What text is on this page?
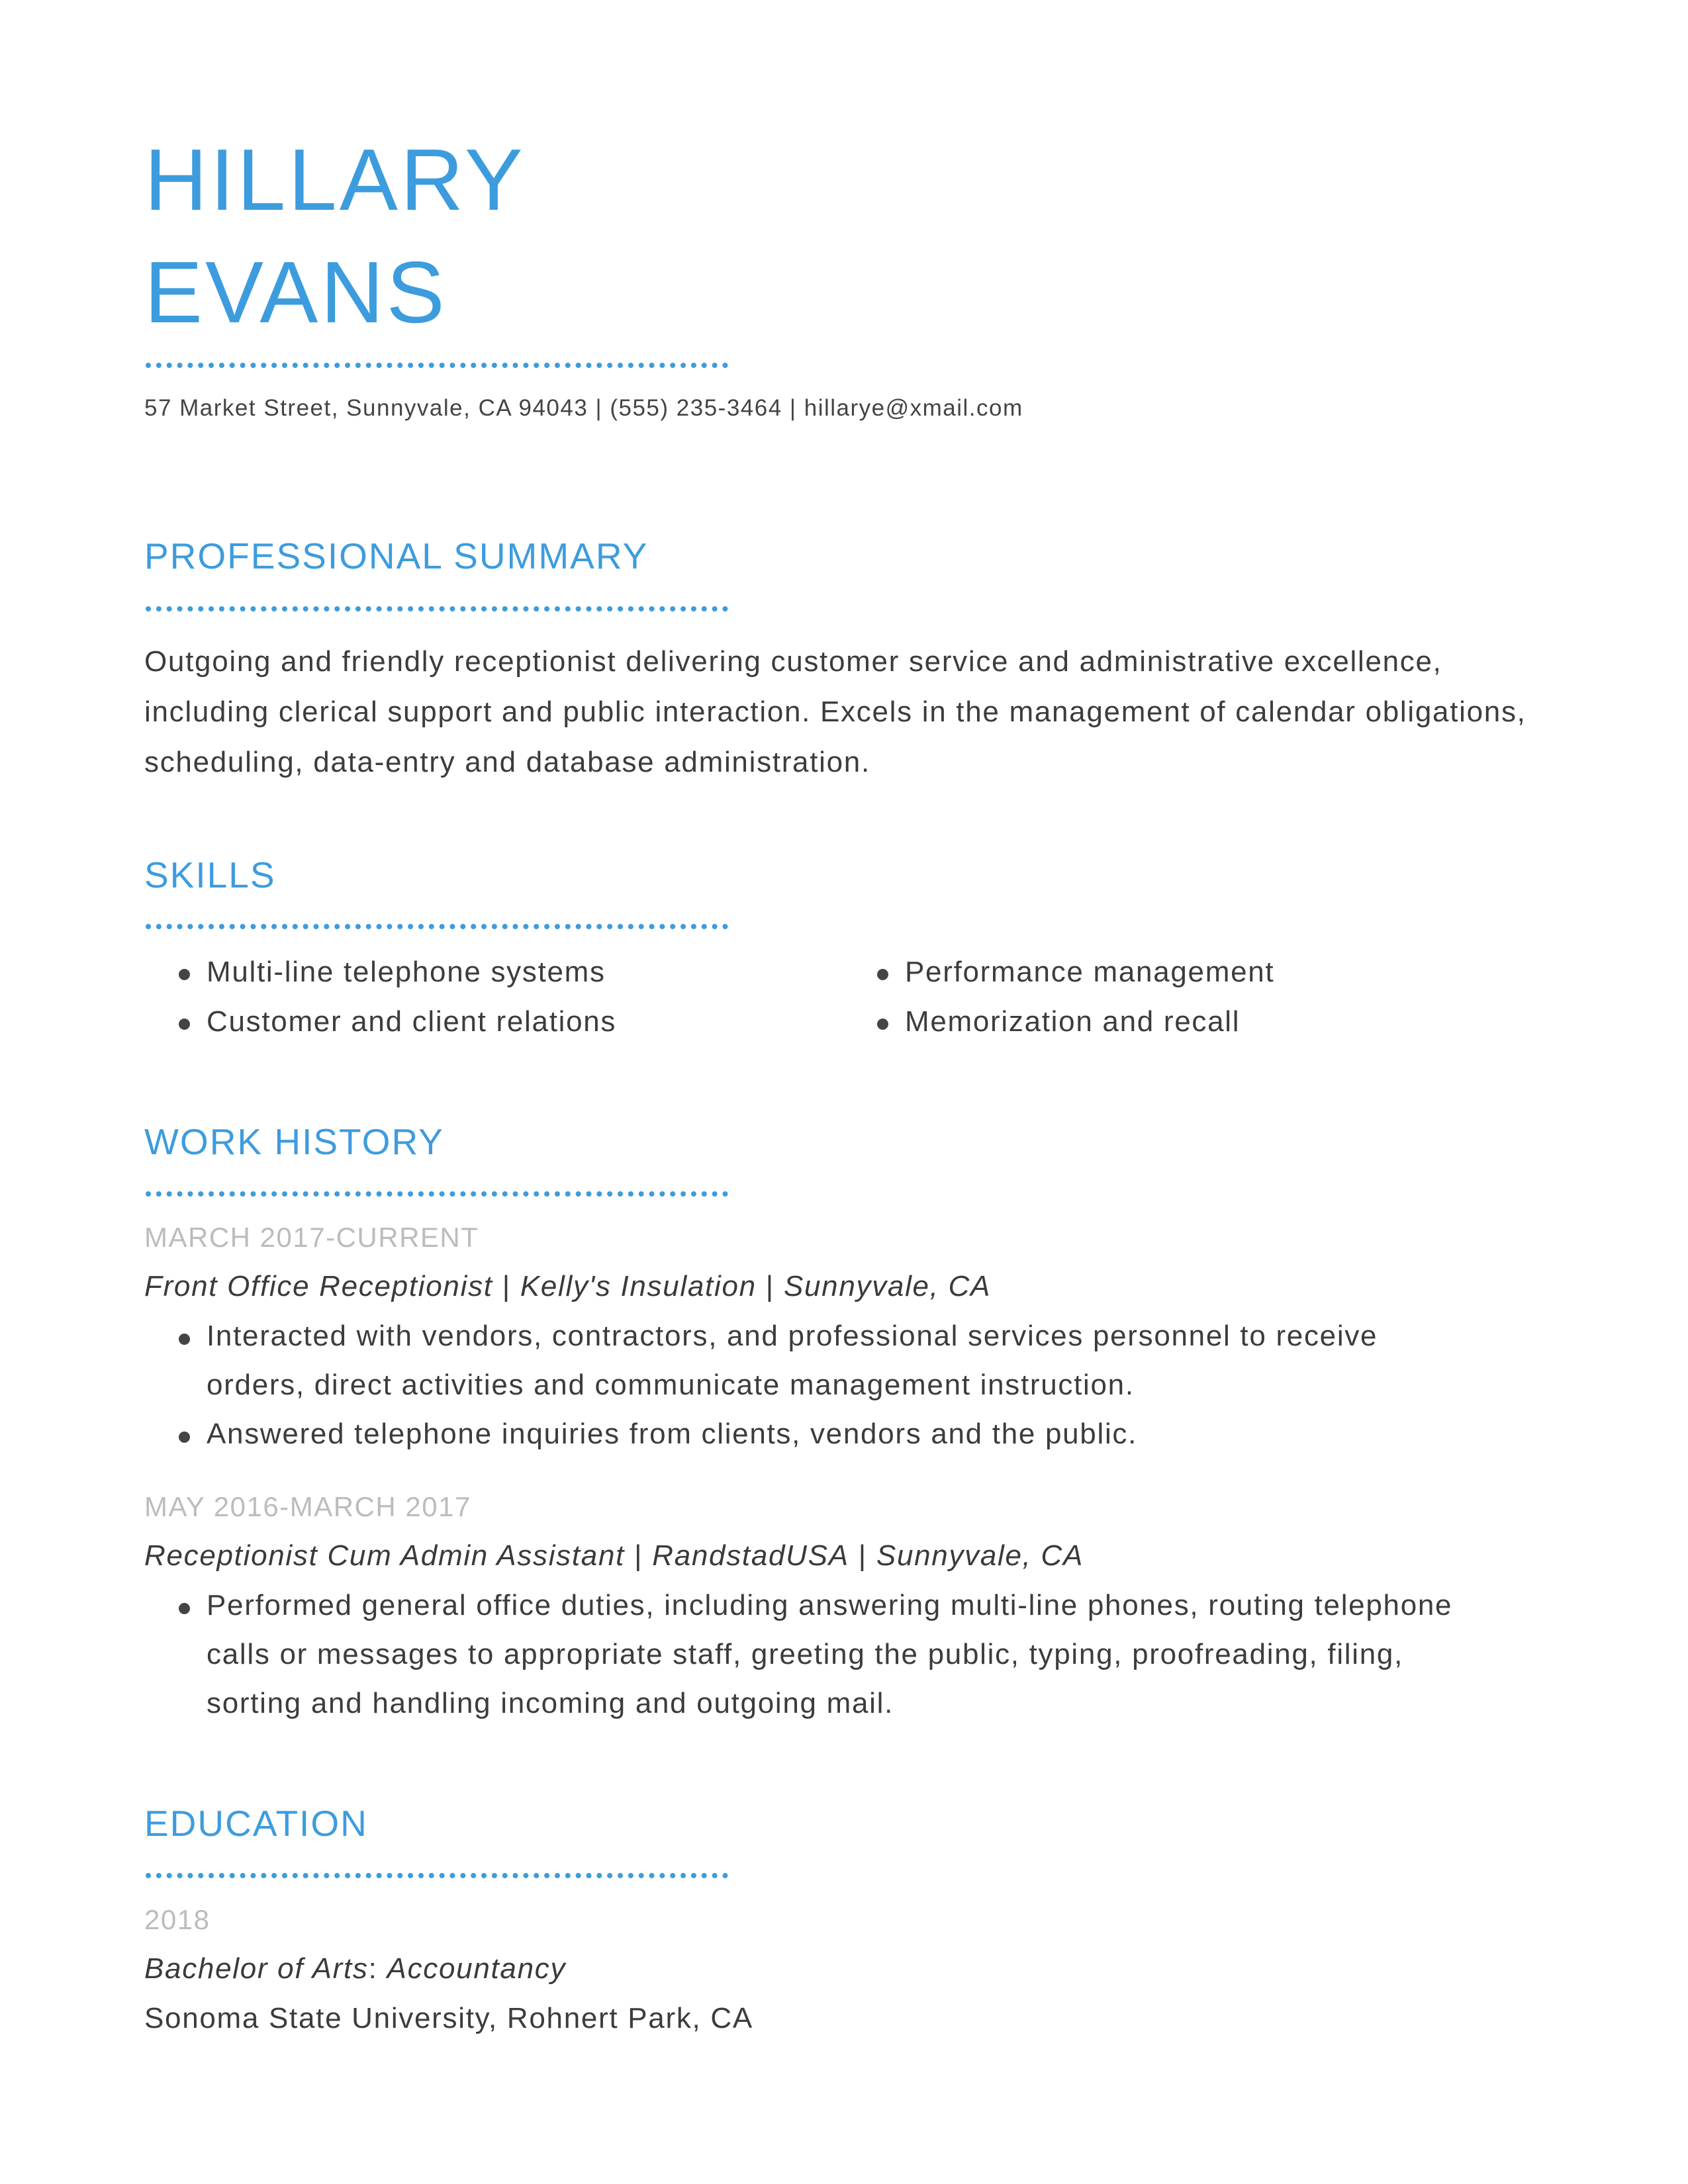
HILLARY
EVANS
57 Market Street, Sunnyvale, CA 94043 | (555) 235-3464 | hillarye@xmail.com
PROFESSIONAL SUMMARY
Outgoing and friendly receptionist delivering customer service and administrative excellence, including clerical support and public interaction. Excels in the management of calendar obligations, scheduling, data-entry and database administration.
SKILLS
Multi-line telephone systems
Customer and client relations
Performance management
Memorization and recall
WORK HISTORY
MARCH 2017-CURRENT
Front Office Receptionist | Kelly's Insulation | Sunnyvale, CA
Interacted with vendors, contractors, and professional services personnel to receive
orders, direct activities and communicate management instruction.
Answered telephone inquiries from clients, vendors and the public.
MAY 2016-MARCH 2017
Receptionist Cum Admin Assistant | RandstadUSA | Sunnyvale, CA
Performed general office duties, including answering multi-line phones, routing telephone
calls or messages to appropriate staff, greeting the public, typing, proofreading, filing,
sorting and handling incoming and outgoing mail.
EDUCATION
2018
Bachelor of Arts: Accountancy
Sonoma State University, Rohnert Park, CA
